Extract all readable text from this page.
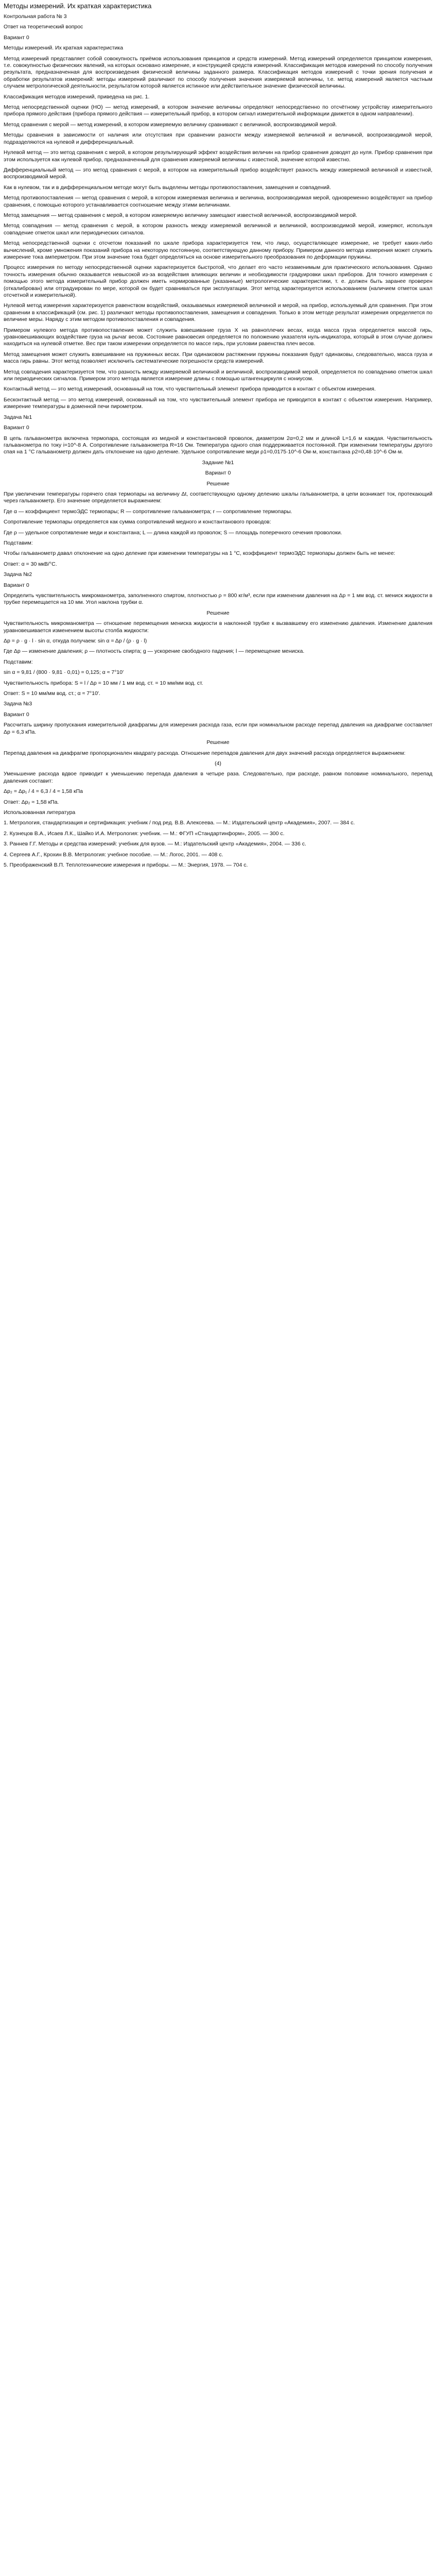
Методы измерений. Их краткая характеристика

Контрольная работа № 3

Ответ на теоретический вопрос

Вариант 0

Методы измерений. Их краткая характеристика

Метод измерений представляет собой совокупность приёмов использования принципов и средств измерений. Метод измерений определяется принципом измерения, т.е. совокупностью физических явлений, на которых основано измерение, и конструкцией средств измерений. Классификация методов измерений по способу получения результата, предназначенная для воспроизведения физической величины заданного размера. Классификация методов измерений с точки зрения получения и обработки результатов измерений: методы измерений различают по способу получения значения измеряемой величины, т.е. метод измерений является частным случаем метрологической деятельности, результатом которой является истинное или действительное значение физической величины.

Классификация методов измерений, приведена на рис. 1.

Метод непосредственной оценки (НО) — метод измерений, в котором значение величины определяют непосредственно по отсчётному устройству измерительного прибора прямого действия (прибора прямого действия — измерительный прибор, в котором сигнал измерительной информации движется в одном направлении).

Метод сравнения с мерой — метод измерений, в котором измеряемую величину сравнивают с величиной, воспроизводимой мерой.

Методы сравнения в зависимости от наличия или отсутствия при сравнении разности между измеряемой величиной и величиной, воспроизводимой мерой, подразделяются на нулевой и дифференциальный.

Нулевой метод — это метод сравнения с мерой, в котором результирующий эффект воздействия величин на прибор сравнения доводят до нуля. Прибор сравнения при этом используется как нулевой прибор, предназначенный для сравнения измеряемой величины с известной, значение которой известно.

Дифференциальный метод — это метод сравнения с мерой, в котором на измерительный прибор воздействует разность между измеряемой величиной и известной, воспроизводимой мерой.

Как в нулевом, так и в дифференциальном методе могут быть выделены методы противопоставления, замещения и совпадений.

Метод противопоставления — метод сравнения с мерой, в котором измеряемая величина и величина, воспроизводимая мерой, одновременно воздействуют на прибор сравнения, с помощью которого устанавливается соотношение между этими величинами.

Метод замещения — метод сравнения с мерой, в котором измеряемую величину замещают известной величиной, воспроизводимой мерой.

Метод совпадения — метод сравнения с мерой, в котором разность между измеряемой величиной и величиной, воспроизводимой мерой, измеряют, используя совпадение отметок шкал или периодических сигналов.

Метод непосредственной оценки с отсчетом показаний по шкале прибора характеризуется тем, что лицо, осуществляющее измерение, не требует каких-либо вычислений, кроме умножения показаний прибора на некоторую постоянную, соответствующую данному прибору. Примером данного метода измерения может служить измерение тока амперметром. При этом значение тока будет определяться на основе измерительного преобразования по деформации пружины.

Процесс измерения по методу непосредственной оценки характеризуется быстротой, что делает его часто незаменимым для практического использования. Однако точность измерения обычно оказывается невысокой из-за воздействия влияющих величин и необходимости градуировки шкал приборов. Для точного измерения с помощью этого метода измерительный прибор должен иметь нормированные (указанные) метрологические характеристики, т. е. должен быть заранее проверен (откалиброван) или отградуирован по мере, которой он будет сравниваться при эксплуатации. Этот метод характеризуется использованием (наличием отметок шкал отсчетной и измерительной).

Нулевой метод измерения характеризуется равенством воздействий, оказываемых измеряемой величиной и мерой, на прибор, используемый для сравнения. При этом сравнении в классификаций (см. рис. 1) различают методы противопоставления, замещения и совпадения. Только в этом методе результат измерения определяется по величине меры. Наряду с этим методом противопоставления и совпадения.

Примером нулевого метода противопоставления может служить взвешивание груза Х на равноплечих весах, когда масса груза определяется массой гирь, уравновешивающих воздействие груза на рычаг весов. Состояние равновесия определяется по положению указателя нуль-индикатора, который в этом случае должен находиться на нулевой отметке. Вес при таком измерении определяется по массе гирь, при условии равенства плеч весов.

Метод замещения может служить взвешивание на пружинных весах. При одинаковом растяжении пружины показания будут одинаковы, следовательно, масса груза и масса гирь равны. Этот метод позволяет исключить систематические погрешности средств измерений.

Метод совпадения характеризуется тем, что разность между измеряемой величиной и величиной, воспроизводимой мерой, определяется по совпадению отметок шкал или периодических сигналов. Примером этого метода является измерение длины с помощью штангенциркуля с нониусом.

Контактный метод — это метод измерений, основанный на том, что чувствительный элемент прибора приводится в контакт с объектом измерения.

Бесконтактный метод — это метод измерений, основанный на том, что чувствительный элемент прибора не приводится в контакт с объектом измерения. Например, измерение температуры в доменной печи пирометром.

Задача №1

Вариант 0

В цепь гальванометра включена термопара, состоящая из медной и константановой проволок, диаметром 2α=0,2 мм и длиной L=1,6 м каждая. Чувствительность гальванометра по току i=10^-8 А. Сопротивление гальванометра R=16 Ом. Температура одного спая поддерживается постоянной. При изменении температуры другого спая на 1 °С гальванометр должен дать отклонение на одно деление. Удельное сопротивление меди ρ1=0,0175·10^-6 Ом·м, константана ρ2=0,48·10^-6 Ом·м.

Задание №1

Вариант 0

Решение

При увеличении температуры горячего спая термопары на величину Δt, соответствующую одному делению шкалы гальванометра, в цепи возникает ток, протекающий через гальванометр. Его значение определяется выражением:

Где α — коэффициент термоЭДС термопары; R — сопротивление гальванометра; r — сопротивление термопары.

Сопротивление термопары определяется как сумма сопротивлений медного и константанового проводов:

Где ρ — удельное сопротивление меди и константана; L — длина каждой из проволок; S — площадь поперечного сечения проволоки.

Подставим:

Чтобы гальванометр давал отклонение на одно деление при изменении температуры на 1 °С, коэффициент термоЭДС термопары должен быть не менее:

Ответ: α = 30 мкВ/°С.

Задача №2

Вариант 0

Определить чувствительность микроманометра, заполненного спиртом, плотностью ρ = 800 кг/м³, если при изменении давления на Δp = 1 мм вод. ст. мениск жидкости в трубке перемещается на 10 мм. Угол наклона трубки α.

Решение

Чувствительность микроманометра — отношение перемещения мениска жидкости в наклонной трубке к вызвавшему его изменению давления. Изменение давления уравновешивается изменением высоты столба жидкости:

Δp = ρ · g · l · sin α, откуда получаем: sin α = Δp / (ρ · g · l)

Где Δp — изменение давления; ρ — плотность спирта; g — ускорение свободного падения; l — перемещение мениска.

Подставим:

sin α = 9,81 / (800 · 9,81 · 0,01) = 0,125; α ≈ 7°10′

Чувствительность прибора: S = l / Δp = 10 мм / 1 мм вод. ст. = 10 мм/мм вод. ст.

Ответ: S = 10 мм/мм вод. ст.; α ≈ 7°10′.

Задача №3

Вариант 0

Рассчитать ширину пропускания измерительной диафрагмы для измерения расхода газа, если при номинальном расходе перепад давления на диафрагме составляет Δp = 6,3 кПа.

Решение

Перепад давления на диафрагме пропорционален квадрату расхода. Отношение перепадов давления для двух значений расхода определяется выражением:

(4)

Уменьшение расхода вдвое приводит к уменьшению перепада давления в четыре раза. Следовательно, при расходе, равном половине номинального, перепад давления составит:

Δp₂ = Δp₁ / 4 = 6,3 / 4 ≈ 1,58 кПа

Ответ: Δp₂ ≈ 1,58 кПа.

Использованная литература

1. Метрология, стандартизация и сертификация: учебник / под ред. В.В. Алексеева. — М.: Издательский центр «Академия», 2007. — 384 с.

2. Кузнецов В.А., Исаев Л.К., Шайко И.А. Метрология: учебник. — М.: ФГУП «Стандартинформ», 2005. — 300 с.

3. Раннев Г.Г. Методы и средства измерений: учебник для вузов. — М.: Издательский центр «Академия», 2004. — 336 с.

4. Сергеев А.Г., Крохин В.В. Метрология: учебное пособие. — М.: Логос, 2001. — 408 с.

5. Преображенский В.П. Теплотехнические измерения и приборы. — М.: Энергия, 1978. — 704 с.
